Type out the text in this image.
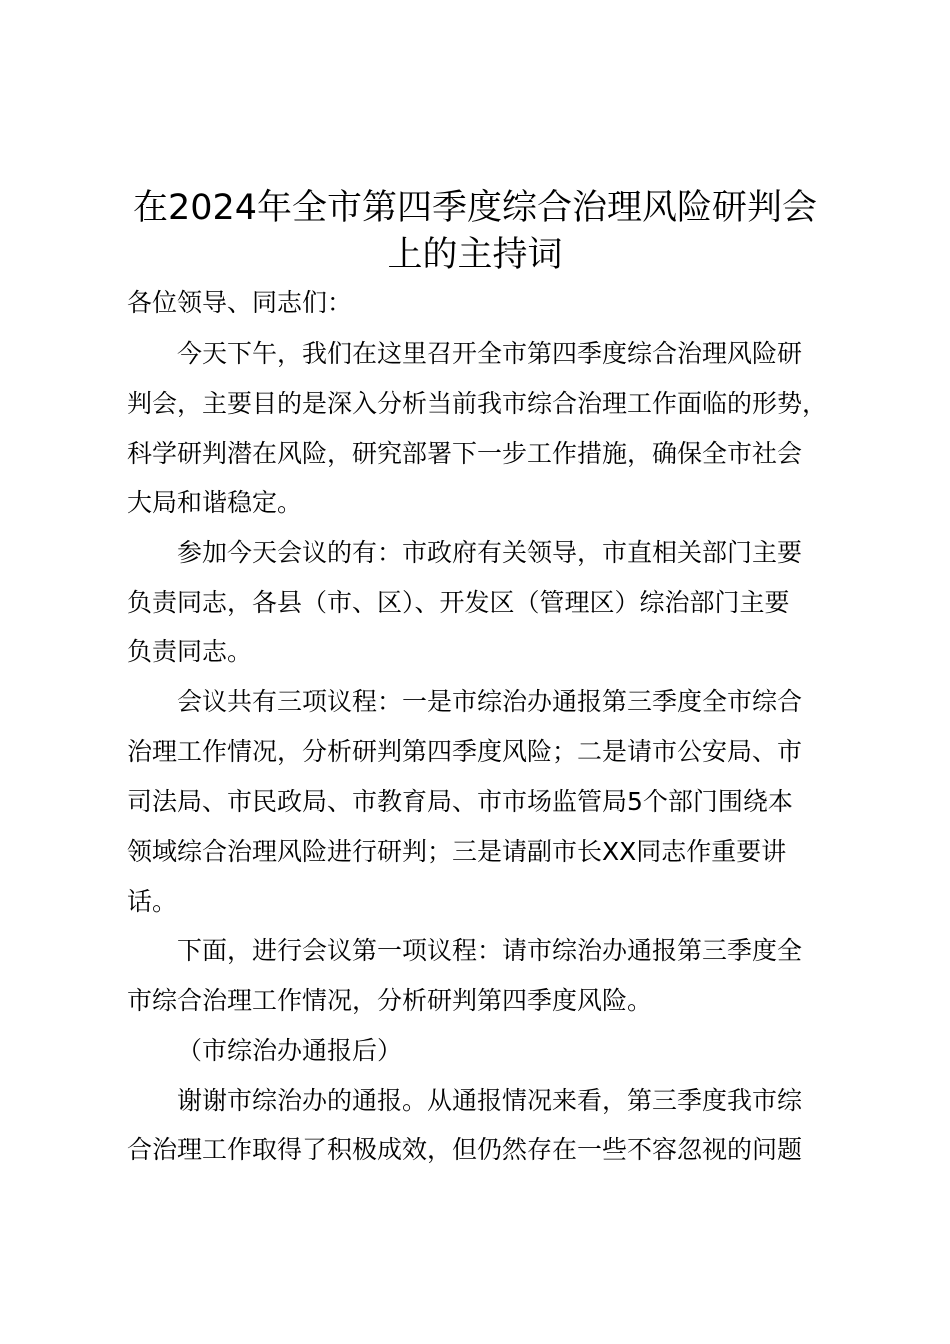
在2024年全市第四季度综合治理风险研判会
上的主持词

各位领导、同志们：

今天下午，我们在这里召开全市第四季度综合治理风险研

判会，主要目的是深入分析当前我市综合治理工作面临的形势，

科学研判潜在风险，研究部署下一步工作措施，确保全市社会

大局和谐稳定。

参加今天会议的有：市政府有关领导，市直相关部门主要

负责同志，各县（市、区）、开发区（管理区）综治部门主要

负责同志。

会议共有三项议程：一是市综治办通报第三季度全市综合

治理工作情况，分析研判第四季度风险；二是请市公安局、市

司法局、市民政局、市教育局、市市场监管局5个部门围绕本

领域综合治理风险进行研判；三是请副市长XX同志作重要讲

话。

下面，进行会议第一项议程：请市综治办通报第三季度全

市综合治理工作情况，分析研判第四季度风险。

（市综治办通报后）

谢谢市综治办的通报。从通报情况来看，第三季度我市综

合治理工作取得了积极成效，但仍然存在一些不容忽视的问题
